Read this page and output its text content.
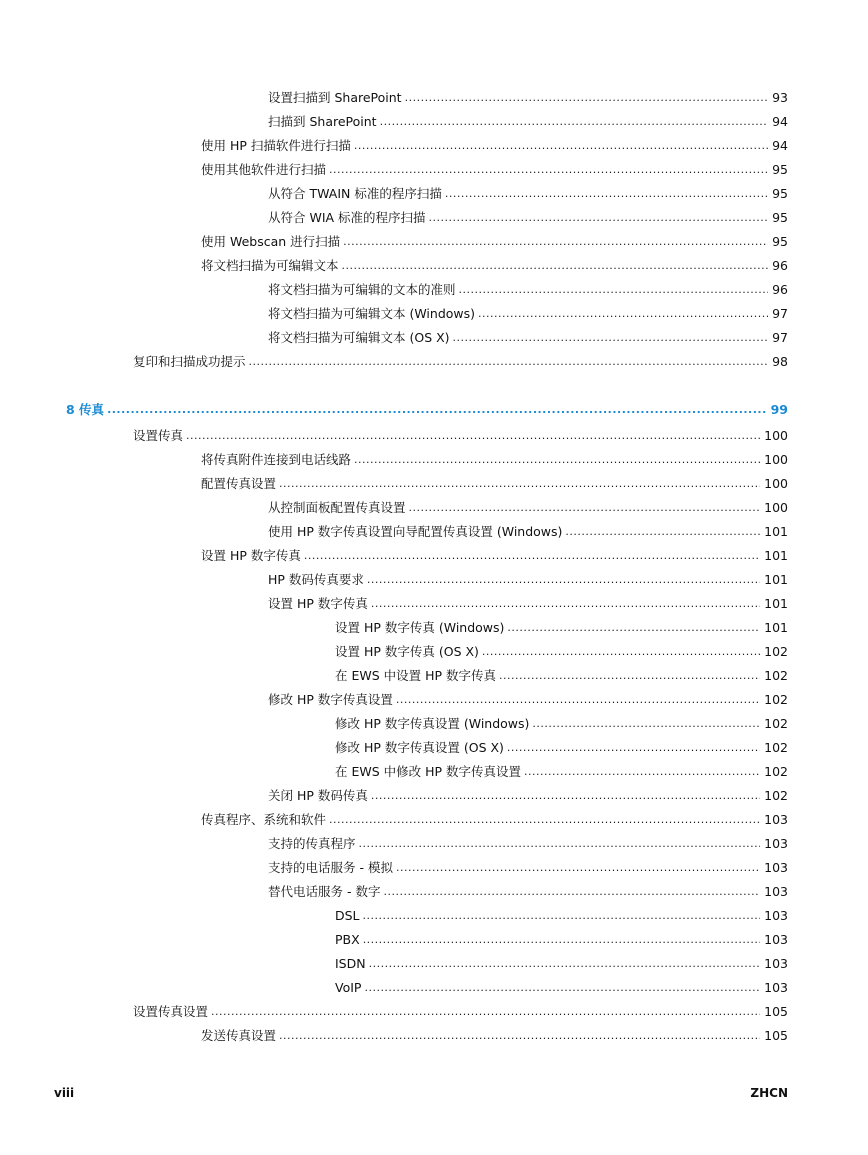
设置扫描到 SharePoint .....	93
扫描到 SharePoint .....	94
使用 HP 扫描软件进行扫描 .....	94
使用其他软件进行扫描 .....	95
从符合 TWAIN 标准的程序扫描 .....	95
从符合 WIA 标准的程序扫描 .....	95
使用 Webscan 进行扫描 .....	95
将文档扫描为可编辑文本 .....	96
将文档扫描为可编辑的文本的准则 .....	96
将文档扫描为可编辑文本 (Windows) .....	97
将文档扫描为可编辑文本 (OS X) .....	97
复印和扫描成功提示 .....	98
8 传真 .....	99
设置传真 .....	100
将传真附件连接到电话线路 .....	100
配置传真设置 .....	100
从控制面板配置传真设置 .....	100
使用 HP 数字传真设置向导配置传真设置 (Windows) .....	101
设置 HP 数字传真 .....	101
HP 数码传真要求 .....	101
设置 HP 数字传真 .....	101
设置 HP 数字传真 (Windows) .....	101
设置 HP 数字传真 (OS X) .....	102
在 EWS 中设置 HP 数字传真 .....	102
修改 HP 数字传真设置 .....	102
修改 HP 数字传真设置 (Windows) .....	102
修改 HP 数字传真设置 (OS X) .....	102
在 EWS 中修改 HP 数字传真设置 .....	102
关闭 HP 数码传真 .....	102
传真程序、系统和软件 .....	103
支持的传真程序 .....	103
支持的电话服务 - 模拟 .....	103
替代电话服务 - 数字 .....	103
DSL .....	103
PBX .....	103
ISDN .....	103
VoIP .....	103
设置传真设置 .....	105
发送传真设置 .....	105
viii	ZHCN
